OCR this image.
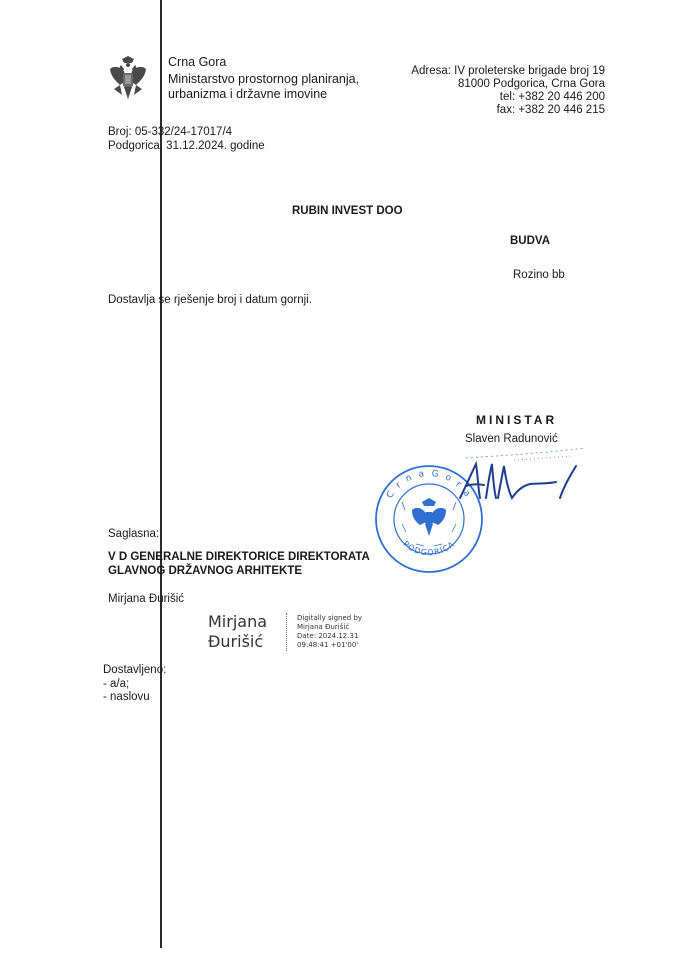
Crna Gora
Ministarstvo prostornog planiranja,
urbanizma i državne imovine
Adresa: IV proleterske brigade broj 19
81000 Podgorica, Crna Gora
tel: +382 20 446 200
fax: +382 20 446 215
Broj: 05-332/24-17017/4
Podgorica, 31.12.2024. godine
RUBIN INVEST DOO
BUDVA
Rozino bb
Dostavlja se rješenje broj i datum gornji.
MINISTAR
Slaven Radunović
C r n a G o r a
PODGORICA
Saglasna:
V D GENERALNE DIREKTORICE DIREKTORATA
GLAVNOG DRŽAVNOG ARHITEKTE
Mirjana Đurišić
Mirjana
Đurišić
Digitally signed by
Mirjana Đurišić
Date: 2024.12.31
09:48:41 +01'00'
Dostavljeno:
- a/a;
- naslovu
